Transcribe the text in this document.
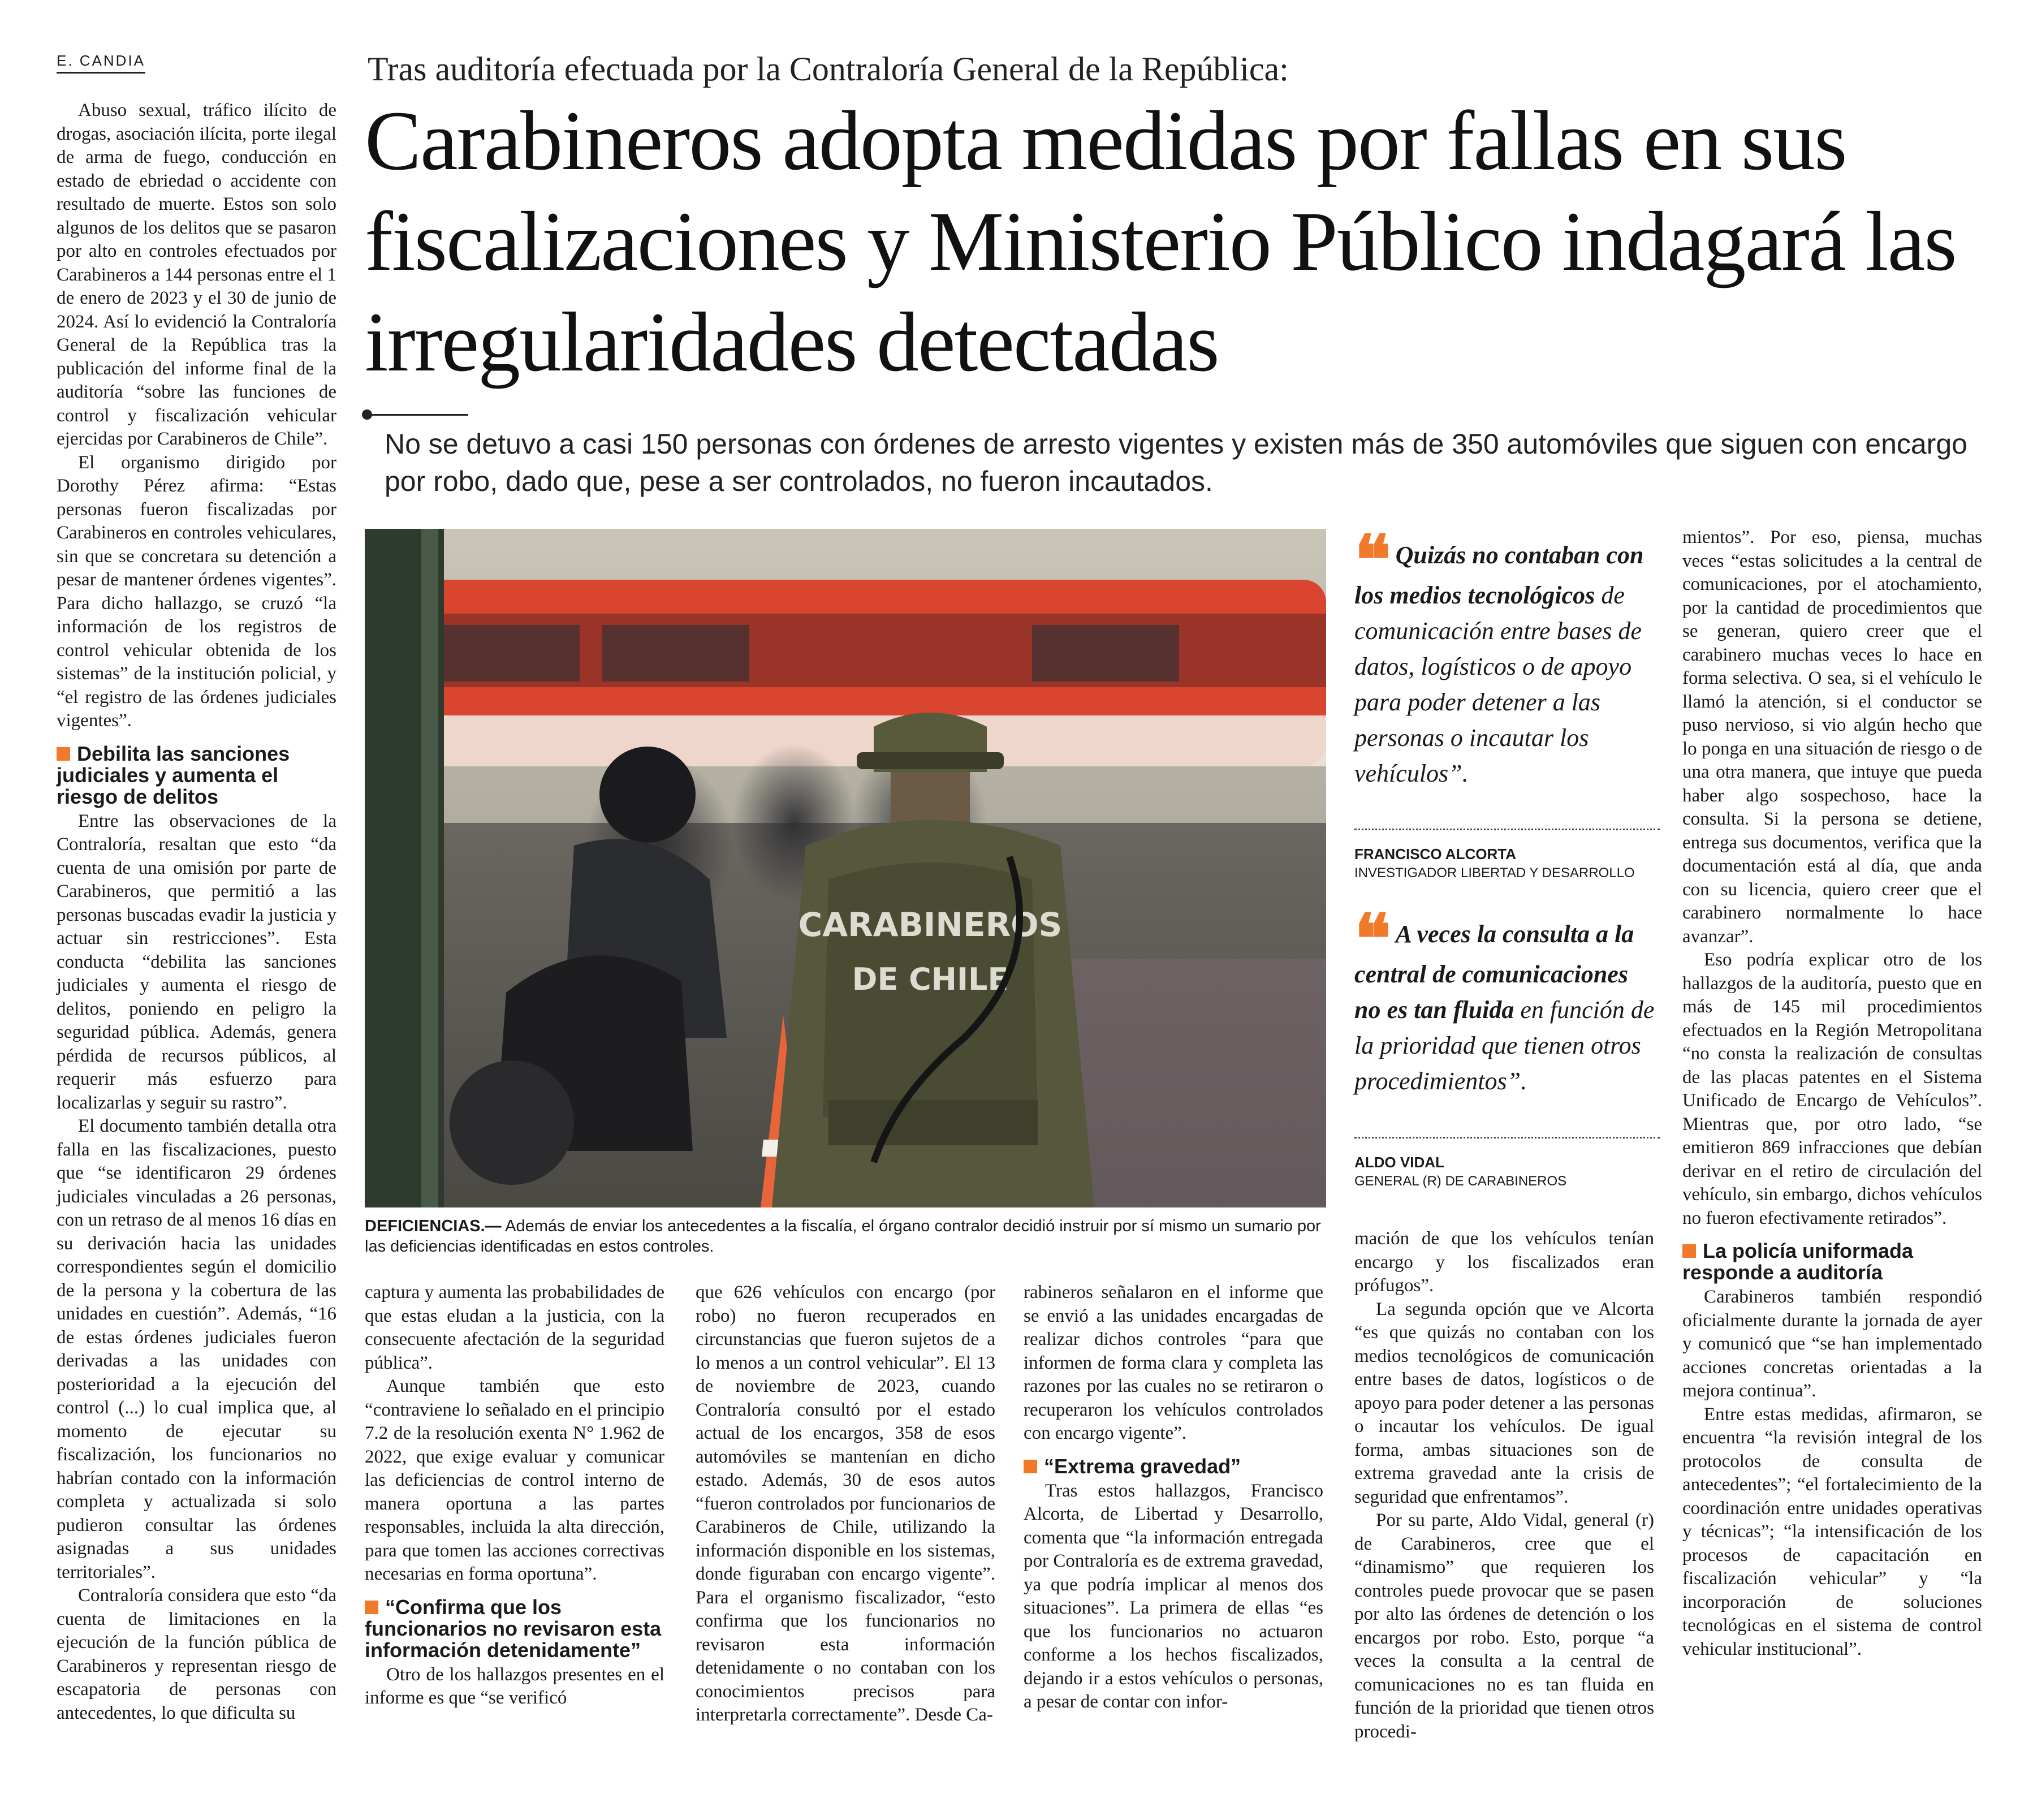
E. CANDIA	Tras auditoría efectuada por la Contraloría General de la República:
Carabineros adopta medidas por fallas en sus fiscalizaciones y Ministerio Público indagará las irregularidades detectadas
No se detuvo a casi 150 personas con órdenes de arresto vigentes y existen más de 350 automóviles que siguen con encargo por robo, dado que, pese a ser controlados, no fueron incautados.

Abuso sexual, tráfico ilícito de drogas, asociación ilícita, porte ilegal de arma de fuego, conducción en estado de ebriedad o accidente con resultado de muerte. Estos son solo algunos de los delitos que se pasaron por alto en controles efectuados por Carabineros a 144 personas entre el 1 de enero de 2023 y el 30 de junio de 2024. Así lo evidenció la Contraloría General de la República tras la publicación del informe final de la auditoría “sobre las funciones de control y fiscalización vehicular ejercidas por Carabineros de Chile”.

El organismo dirigido por Dorothy Pérez afirma: “Estas personas fueron fiscalizadas por Carabineros en controles vehiculares, sin que se concretara su detención a pesar de mantener órdenes vigentes”. Para dicho hallazgo, se cruzó “la información de los registros de control vehicular obtenida de los sistemas” de la institución policial, y “el registro de las órdenes judiciales vigentes”.

Debilita las sanciones judiciales y aumenta el riesgo de delitos

Entre las observaciones de la Contraloría, resaltan que esto “da cuenta de una omisión por parte de Carabineros, que permitió a las personas buscadas evadir la justicia y actuar sin restricciones”. Esta conducta “debilita las sanciones judiciales y aumenta el riesgo de delitos, poniendo en peligro la seguridad pública. Además, genera pérdida de recursos públicos, al requerir más esfuerzo para localizarlas y seguir su rastro”.

El documento también detalla otra falla en las fiscalizaciones, puesto que “se identificaron 29 órdenes judiciales vinculadas a 26 personas, con un retraso de al menos 16 días en su derivación hacia las unidades correspondientes según el domicilio de la persona y la cobertura de las unidades en cuestión”. Además, “16 de estas órdenes judiciales fueron derivadas a las unidades con posterioridad a la ejecución del control (...) lo cual implica que, al momento de ejecutar su fiscalización, los funcionarios no habrían contado con la información completa y actualizada si solo pudieron consultar las órdenes asignadas a sus unidades territoriales”.

Contraloría considera que esto “da cuenta de limitaciones en la ejecución de la función pública de Carabineros y representan riesgo de escapatoria de personas con antecedentes, lo que dificulta su

CARABINEROS
DE CHILE
DEFICIENCIAS.— Además de enviar los antecedentes a la fiscalía, el órgano contralor decidió instruir por sí mismo un sumario por las deficiencias identificadas en estos controles.

captura y aumenta las probabilidades de que estas eludan a la justicia, con la consecuente afectación de la seguridad pública”.

Aunque también que esto “contraviene lo señalado en el principio 7.2 de la resolución exenta N° 1.962 de 2022, que exige evaluar y comunicar las deficiencias de control interno de manera oportuna a las partes responsables, incluida la alta dirección, para que tomen las acciones correctivas necesarias en forma oportuna”.

“Confirma que los funcionarios no revisaron esta información detenidamente”

Otro de los hallazgos presentes en el informe es que “se verificó

que 626 vehículos con encargo (por robo) no fueron recuperados en circunstancias que fueron sujetos de a lo menos a un control vehicular”. El 13 de noviembre de 2023, cuando Contraloría consultó por el estado actual de los encargos, 358 de esos automóviles se mantenían en dicho estado. Además, 30 de esos autos “fueron controlados por funcionarios de Carabineros de Chile, utilizando la información disponible en los sistemas, donde figuraban con encargo vigente”. Para el organismo fiscalizador, “esto confirma que los funcionarios no revisaron esta información detenidamente o no contaban con los conocimientos precisos para interpretarla correctamente”. Desde Ca-

rabineros señalaron en el informe que se envió a las unidades encargadas de realizar dichos controles “para que informen de forma clara y completa las razones por las cuales no se retiraron o recuperaron los vehículos controlados con encargo vigente”.

“Extrema gravedad”

Tras estos hallazgos, Francisco Alcorta, de Libertad y Desarrollo, comenta que “la información entregada por Contraloría es de extrema gravedad, ya que podría implicar al menos dos situaciones”. La primera de ellas “es que los funcionarios no actuaron conforme a los hechos fiscalizados, dejando ir a estos vehículos o personas, a pesar de contar con infor-

❝ Quizás no contaban con los medios tecnológicos de comunicación entre bases de datos, logísticos o de apoyo para poder detener a las personas o incautar los vehículos”.
FRANCISCO ALCORTA
INVESTIGADOR LIBERTAD Y DESARROLLO
❝ A veces la consulta a la central de comunicaciones no es tan fluida en función de la prioridad que tienen otros procedimientos”.
ALDO VIDAL
GENERAL (R) DE CARABINEROS

mación de que los vehículos tenían encargo y los fiscalizados eran prófugos”.

La segunda opción que ve Alcorta “es que quizás no contaban con los medios tecnológicos de comunicación entre bases de datos, logísticos o de apoyo para poder detener a las personas o incautar los vehículos. De igual forma, ambas situaciones son de extrema gravedad ante la crisis de seguridad que enfrentamos”.

Por su parte, Aldo Vidal, general (r) de Carabineros, cree que el “dinamismo” que requieren los controles puede provocar que se pasen por alto las órdenes de detención o los encargos por robo. Esto, porque “a veces la consulta a la central de comunicaciones no es tan fluida en función de la prioridad que tienen otros procedi-

mientos”. Por eso, piensa, muchas veces “estas solicitudes a la central de comunicaciones, por el atochamiento, por la cantidad de procedimientos que se generan, quiero creer que el carabinero muchas veces lo hace en forma selectiva. O sea, si el vehículo le llamó la atención, si el conductor se puso nervioso, si vio algún hecho que lo ponga en una situación de riesgo o de una otra manera, que intuye que pueda haber algo sospechoso, hace la consulta. Si la persona se detiene, entrega sus documentos, verifica que la documentación está al día, que anda con su licencia, quiero creer que el carabinero normalmente lo hace avanzar”.

Eso podría explicar otro de los hallazgos de la auditoría, puesto que en más de 145 mil procedimientos efectuados en la Región Metropolitana “no consta la realización de consultas de las placas patentes en el Sistema Unificado de Encargo de Vehículos”. Mientras que, por otro lado, “se emitieron 869 infracciones que debían derivar en el retiro de circulación del vehículo, sin embargo, dichos vehículos no fueron efectivamente retirados”.

La policía uniformada responde a auditoría

Carabineros también respondió oficialmente durante la jornada de ayer y comunicó que “se han implementado acciones concretas orientadas a la mejora continua”.

Entre estas medidas, afirmaron, se encuentra “la revisión integral de los protocolos de consulta de antecedentes”; “el fortalecimiento de la coordinación entre unidades operativas y técnicas”; “la intensificación de los procesos de capacitación en fiscalización vehicular” y “la incorporación de soluciones tecnológicas en el sistema de control vehicular institucional”.
